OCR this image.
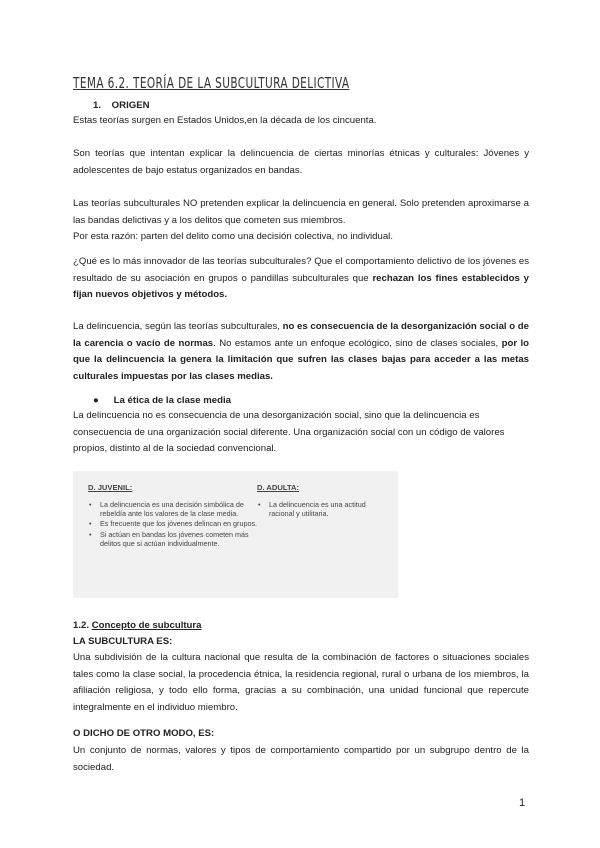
TEMA 6.2. TEORÍA DE LA SUBCULTURA DELICTIVA
1. ORIGEN
Estas teorías surgen en Estados Unidos,en la década de los cincuenta.
Son teorías que intentan explicar la delincuencia de ciertas minorías étnicas y culturales: Jóvenes y adolescentes de bajo estatus organizados en bandas.
Las teorías subculturales NO pretenden explicar la delincuencia en general. Solo pretenden aproximarse a las bandas delictivas y a los delitos que cometen sus miembros.
Por esta razón: parten del delito como una decisión colectiva, no individual.
¿Qué es lo más innovador de las teorías subculturales? Que el comportamiento delictivo de los jóvenes es resultado de su asociación en grupos o pandillas subculturales que rechazan los fines establecidos y fijan nuevos objetivos y métodos.
La delincuencia, según las teorías subculturales, no es consecuencia de la desorganización social o de la carencia o vacío de normas. No estamos ante un enfoque ecológico, sino de clases sociales, por lo que la delincuencia la genera la limitación que sufren las clases bajas para acceder a las metas culturales impuestas por las clases medias.
● La ética de la clase media
La delincuencia no es consecuencia de una desorganización social, sino que la delincuencia es consecuencia de una organización social diferente. Una organización social con un código de valores propios, distinto al de la sociedad convencional.
D. JUVENIL:
• La delincuencia es una decisión simbólica de rebeldía ante los valores de la clase media.
• Es frecuente que los jóvenes delincan en grupos.
• Si actúan en bandas los jóvenes cometen más delitos que si actúan individualmente.
D. ADULTA:
• La delincuencia es una actitud racional y utilitaria.
1.2. Concepto de subcultura
LA SUBCULTURA ES:
Una subdivisión de la cultura nacional que resulta de la combinación de factores o situaciones sociales tales como la clase social, la procedencia étnica, la residencia regional, rural o urbana de los miembros, la afiliación religiosa, y todo ello forma, gracias a su combinación, una unidad funcional que repercute integralmente en el individuo miembro.
O DICHO DE OTRO MODO, ES:
Un conjunto de normas, valores y tipos de comportamiento compartido por un subgrupo dentro de la sociedad.
1
